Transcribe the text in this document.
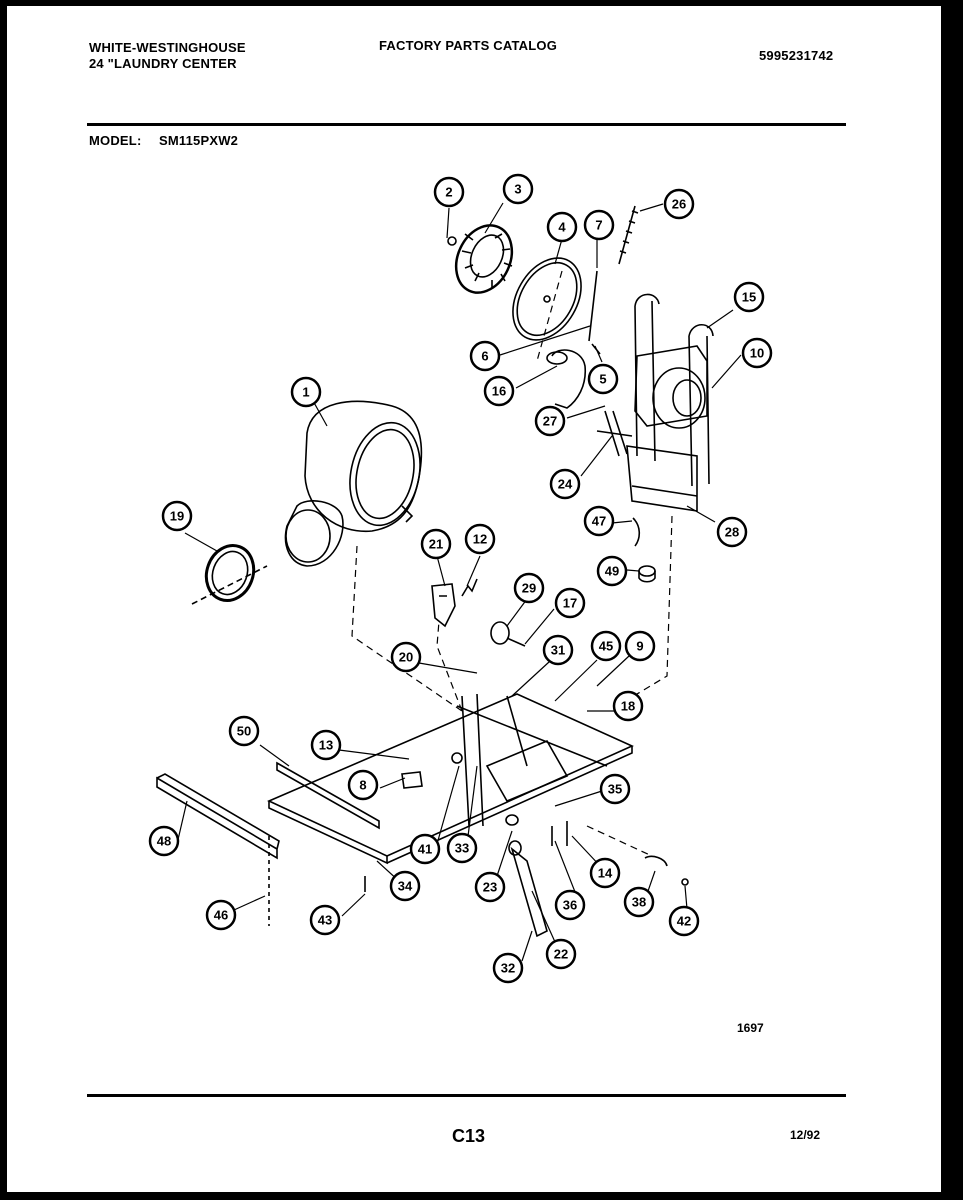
WHITE-WESTINGHOUSE
24 "LAUNDRY CENTER
FACTORY PARTS CATALOG
5995231742
MODEL: SM115PXW2
1
2	3
4 7
26
15
10
6
5
16
27
24
28
47
49
19
21 12
29
17
31	45 9
20
18
50
13
8	35
48
41 33
34	23
36
14
38
42
46	43
22
32
1697
C13	12/92
